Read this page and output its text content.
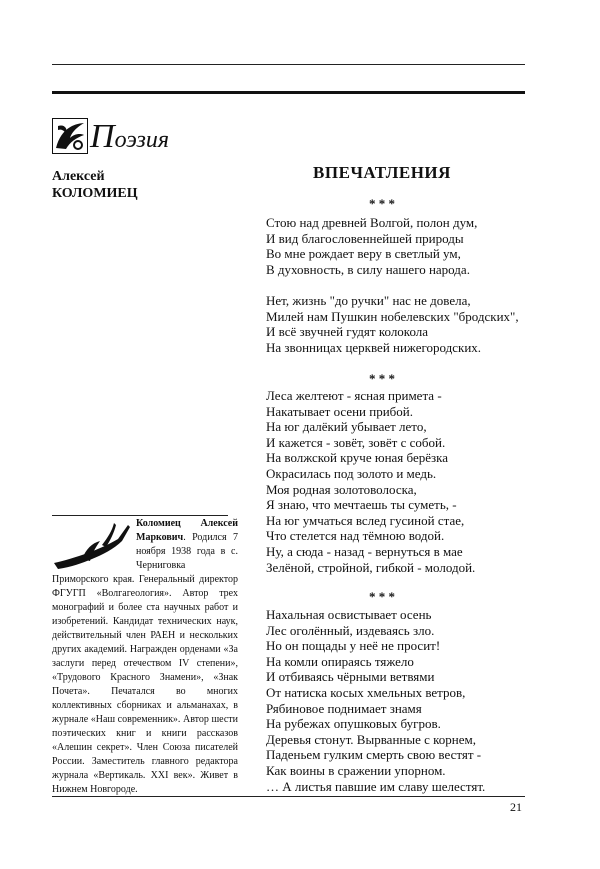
Поэзия
Алексей
КОЛОМИЕЦ
ВПЕЧАТЛЕНИЯ
* * *
Стою над древней Волгой, полон дум,
И вид благословеннейшей природы
Во мне рождает веру в светлый ум,
В духовность, в силу нашего народа.
Нет, жизнь "до ручки" нас не довела,
Милей нам Пушкин нобелевских "бродских",
И всё звучней гудят колокола
На звонницах церквей нижегородских.
* * *
Леса желтеют - ясная примета -
Накатывает осени прибой.
На юг далёкий убывает лето,
И кажется - зовёт, зовёт с собой.
На волжской круче юная берёзка
Окрасилась под золото и медь.
Моя родная золотоволоска,
Я знаю, что мечтаешь ты суметь, -
На юг умчаться вслед гусиной стае,
Что стелется над тёмною водой.
Ну, а сюда - назад - вернуться в мае
Зелёной, стройной, гибкой - молодой.
* * *
Нахальная освистывает осень
Лес оголённый, издеваясь зло.
Но он пощады у неё не просит!
На комли опираясь тяжело
И отбиваясь чёрными ветвями
От натиска косых хмельных ветров,
Рябиновое поднимает знамя
На рубежах опушковых бугров.
Деревья стонут. Вырванные с корнем,
Паденьем гулким смерть свою вестят -
Как воины в сражении упорном.
… А листья павшие им славу шелестят.
Коломиец Алексей Маркович. Родился 7 ноября 1938 года в с. Черниговка Приморского края. Генеральный директор ФГУГП «Волгагеология». Автор трех монографий и более ста научных работ и изобретений. Кандидат технических наук, действительный член РАЕН и нескольких других академий. Награжден орденами «За заслуги перед отечеством IV степени», «Трудового Красного Знамени», «Знак Почета». Печатался во многих коллективных сборниках и альманахах, в журнале «Наш современник». Автор шести поэтических книг и книги рассказов «Алешин секрет». Член Союза писателей России. Заместитель главного редактора журнала «Вертикаль. XXI век». Живет в Нижнем Новгороде.
21
